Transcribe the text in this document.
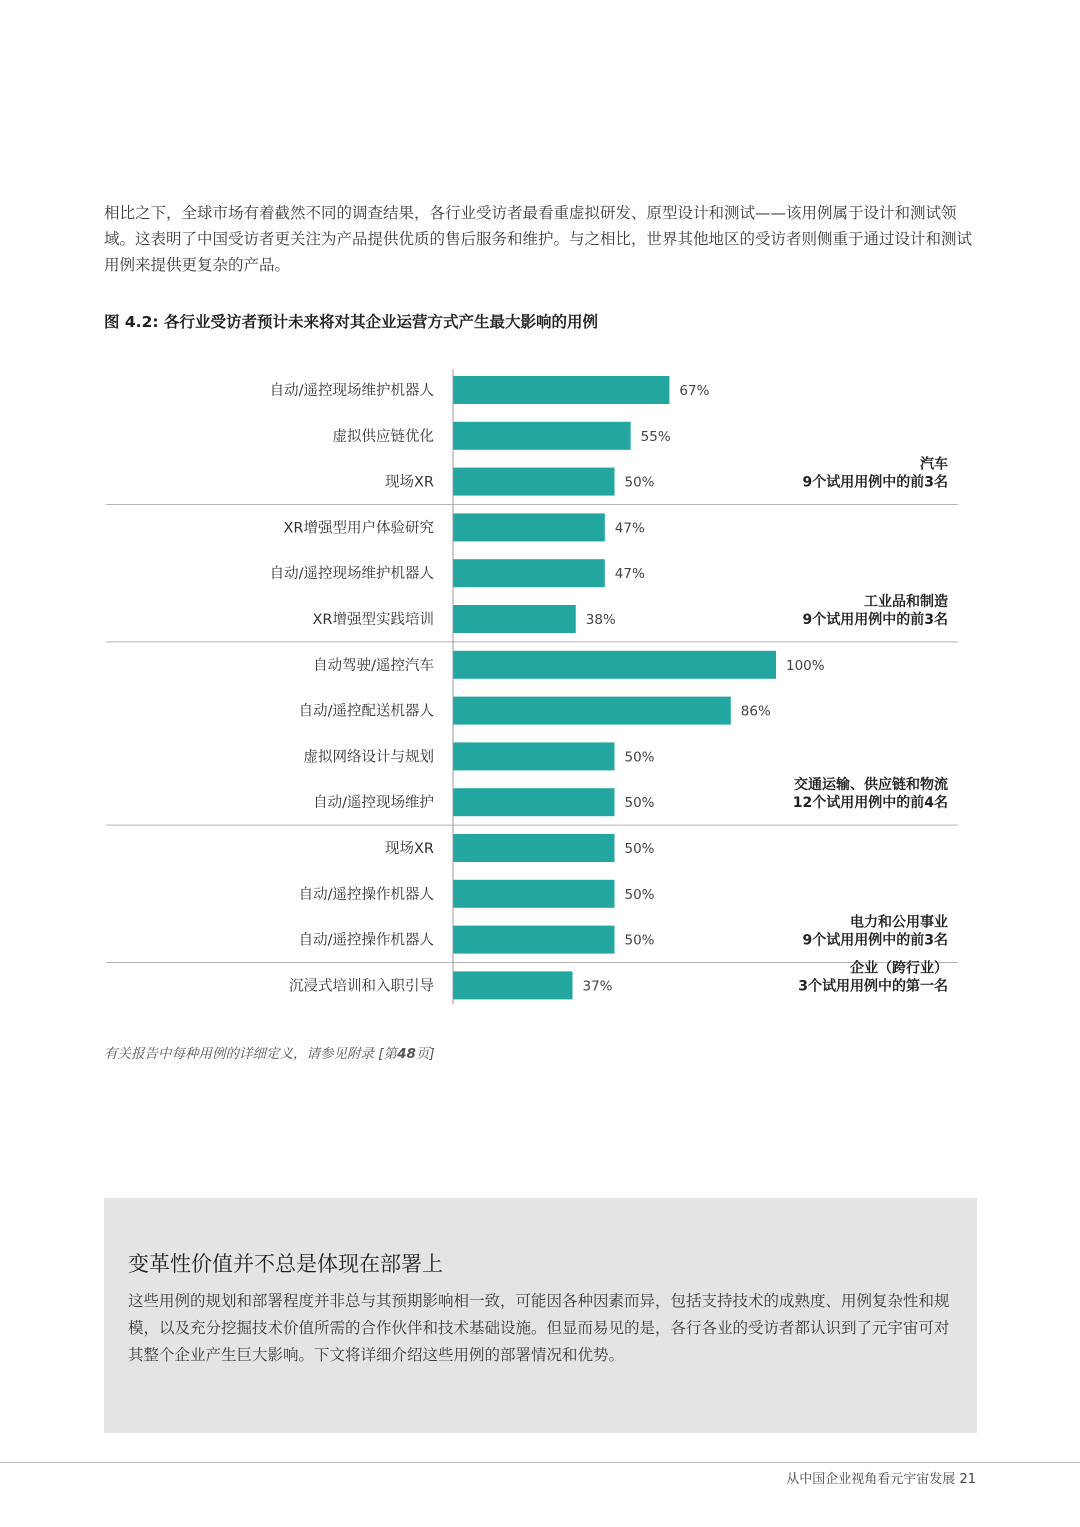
相比之下，全球市场有着截然不同的调查结果，各行业受访者最看重虚拟研发、原型设计和测试——该用例属于设计和测试领域。这表明了中国受访者更关注为产品提供优质的售后服务和维护。与之相比，世界其他地区的受访者则侧重于通过设计和测试用例来提供更复杂的产品。

图 4.2: 各行业受访者预计未来将对其企业运营方式产生最大影响的用例
自动/遥控现场维护机器人	67%
虚拟供应链优化	55%
现场XR	50%
汽车
9个试用用例中的前3名
XR增强型用户体验研究	47%
自动/遥控现场维护机器人	47%
XR增强型实践培训	38%
工业品和制造
9个试用用例中的前3名
自动驾驶/遥控汽车	100%
自动/遥控配送机器人	86%
虚拟网络设计与规划	50%
自动/遥控现场维护	50%
交通运输、供应链和物流
12个试用用例中的前4名
现场XR	50%
自动/遥控操作机器人	50%
自动/遥控操作机器人	50%
电力和公用事业
9个试用用例中的前3名
沉浸式培训和入职引导	37%
企业（跨行业）
3个试用用例中的第一名

有关报告中每种用例的详细定义，请参见附录 [第48页]

变革性价值并不总是体现在部署上

这些用例的规划和部署程度并非总与其预期影响相一致，可能因各种因素而异，包括支持技术的成熟度、用例复杂性和规模，以及充分挖掘技术价值所需的合作伙伴和技术基础设施。但显而易见的是，各行各业的受访者都认识到了元宇宙可对其整个企业产生巨大影响。下文将详细介绍这些用例的部署情况和优势。

从中国企业视角看元宇宙发展 21
